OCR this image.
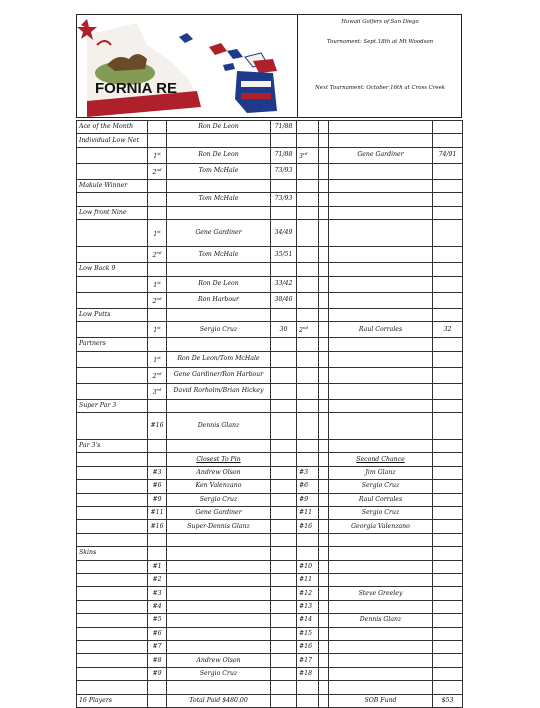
FORNIA RE
Hawaii Golfers of San Diego
Tournament: Sept.18th at Mt Woodson
Next Tournament: October 16th at Cross Creek
Ace of the Month		Ron De Leon	71/88				
Individual Low Net							
	1st	Ron De Leon	71/88	3rd		Gene Gardiner	74/91
	2nd	Tom McHale	73/93				
Makule Winner							
		Tom McHale	73/93				
Low front Nine							
	1st	Gene Gardiner	34/49				
	2nd	Tom McHale	35/51				
Low Back 9							
	1st	Ron De Leon	33/42				
	2nd	Ron Harbour	38/46				
Low Putts							
	1st	Sergio Cruz	30	2nd		Raul Corrales	32
Partners							
	1st	Ron De Leon/Tom McHale					
	2nd	Gene Gardiner/Ron Harbour					
	3rd	David Rorholm/Brian Hickey					
Super Par 3							
	#16	Dennis Glanz					
Par 3's							
		Closest To Pin				Second Chance	
	#3	Andrew Olson		#3		Jim Glanz	
	#6	Ken Valenzano		#6		Sergio Cruz	
	#9	Sergio Cruz		#9		Raul Corrales	
	#11	Gene Gardiner		#11		Sergio Cruz	
	#16	Super-Dennis Glanz		#16		Georgia Valenzano	

Skins							
	#1			#10			
	#2			#11			
	#3			#12		Steve Greeley	
	#4			#13			
	#5			#14		Dennis Glanz	
	#6			#15			
	#7			#16			
	#8	Andrew Olson		#17			
	#9	Sergio Cruz		#18			

16 Players		Total Paid $480.00				SOB Fund	$53
